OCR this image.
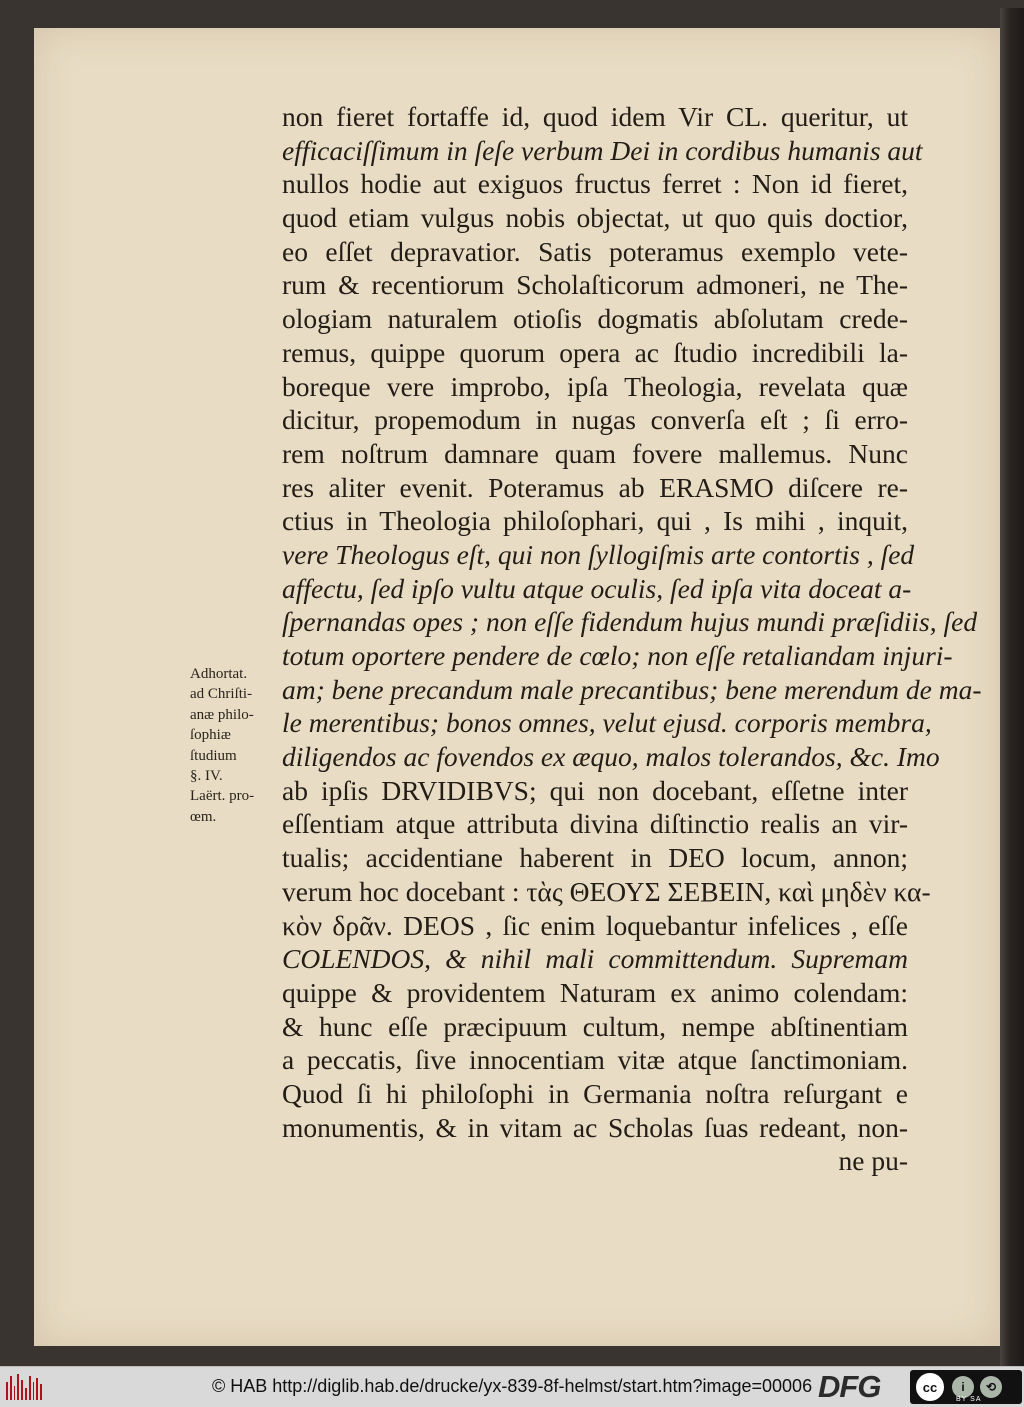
non fieret fortaffe id, quod idem Vir CL. queritur, ut
efficaciſſimum in ſeſe verbum Dei in cordibus humanis aut
nullos hodie aut exiguos fructus ferret : Non id fieret,
quod etiam vulgus nobis objectat, ut quo quis doctior,
eo eſſet depravatior. Satis poteramus exemplo vete-
rum & recentiorum Scholaſticorum admoneri, ne The-
ologiam naturalem otioſis dogmatis abſolutam crede-
remus, quippe quorum opera ac ſtudio incredibili la-
boreque vere improbo, ipſa Theologia, revelata quæ
dicitur, propemodum in nugas converſa eſt ; ſi erro-
rem noſtrum damnare quam fovere mallemus. Nunc
res aliter evenit. Poteramus ab ERASMO diſcere re-
ctius in Theologia philoſophari, qui , Is mihi , inquit,
vere Theologus eſt, qui non ſyllogiſmis arte contortis , ſed
affectu, ſed ipſo vultu atque oculis, ſed ipſa vita doceat a-
ſpernandas opes ; non eſſe fidendum hujus mundi præſidiis, ſed
totum oportere pendere de cœlo; non eſſe retaliandam injuri-
am; bene precandum male precantibus; bene merendum de ma-
le merentibus; bonos omnes, velut ejusd. corporis membra,
diligendos ac fovendos ex æquo, malos tolerandos, &c. Imo
ab ipſis DRVIDIBVS; qui non docebant, eſſetne inter
eſſentiam atque attributa divina diſtinctio realis an vir-
tualis; accidentiane haberent in DEO locum, annon;
verum hoc docebant : τὰς ΘΕΟΥΣ ΣΕΒΕΙΝ, καὶ μηδὲν κα-
κὸν δρᾶν. DEOS , ſic enim loquebantur infelices , eſſe
COLENDOS, & nihil mali committendum. Supremam
quippe & providentem Naturam ex animo colendam:
& hunc eſſe præcipuum cultum, nempe abſtinentiam
a peccatis, ſive innocentiam vitæ atque ſanctimoniam.
Quod ſi hi philoſophi in Germania noſtra reſurgant e
monumentis, & in vitam ac Scholas ſuas redeant, non-
ne pu-
Adhortat.
ad Chriſti-
anæ philo-
ſophiæ
ſtudium
§. IV.
Laërt. pro-
œm.
© HAB http://diglib.hab.de/drucke/yx-839-8f-helmst/start.htm?image=00006 DFG	cc	i	⟲
BY SA
